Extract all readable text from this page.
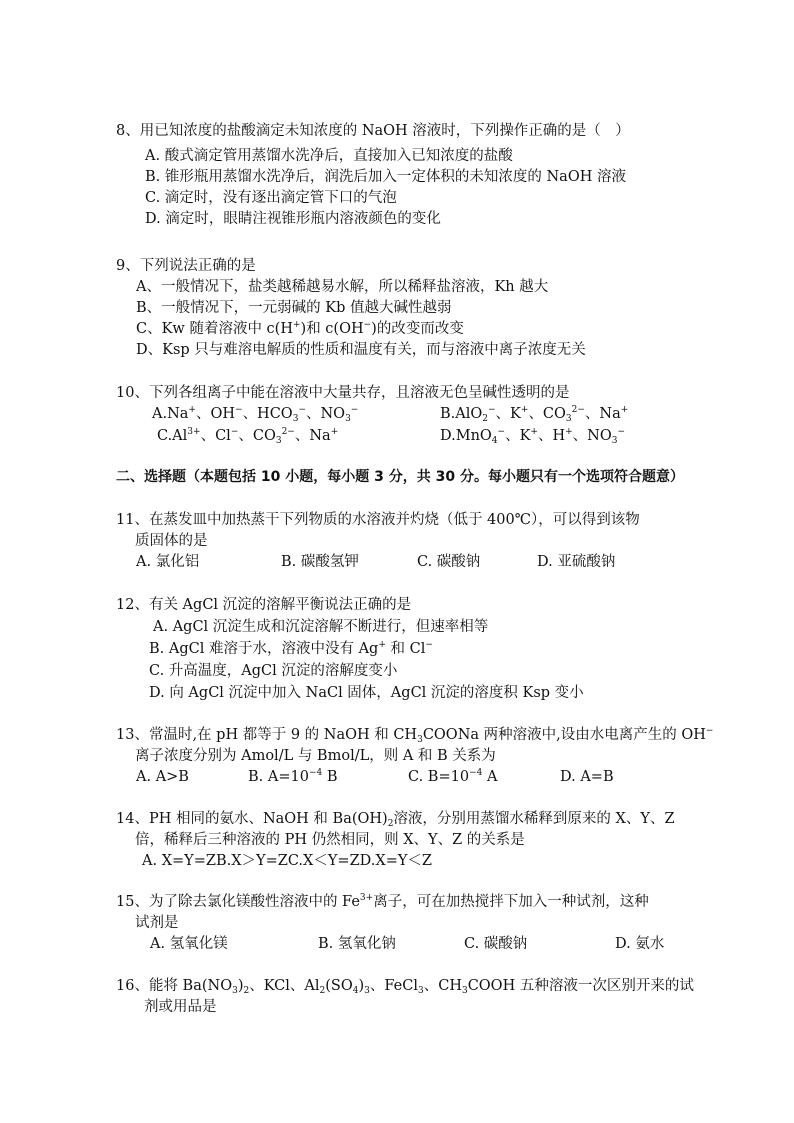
8、用已知浓度的盐酸滴定未知浓度的 NaOH 溶液时，下列操作正确的是（　）
A. 酸式滴定管用蒸馏水洗净后，直接加入已知浓度的盐酸
B. 锥形瓶用蒸馏水洗净后，润洗后加入一定体积的未知浓度的 NaOH 溶液
C. 滴定时，没有逐出滴定管下口的气泡
D. 滴定时，眼睛注视锥形瓶内溶液颜色的变化
9、下列说法正确的是
A、一般情况下，盐类越稀越易水解，所以稀释盐溶液，Kh 越大
B、一般情况下，一元弱碱的 Kb 值越大碱性越弱
C、Kw 随着溶液中 c(H+)和 c(OH−)的改变而改变
D、Ksp 只与难溶电解质的性质和温度有关，而与溶液中离子浓度无关
10、下列各组离子中能在溶液中大量共存，且溶液无色呈碱性透明的是
A.Na+、OH−、$HCO_3^-$、$NO_3^-$	B.AlO$_2$−、K+、$CO_3^{2-}$、Na+
$C.Al^{3+}$、Cl−、$CO_3^{2-}$、Na+	D.MnO$_4$−、K+、H+、$NO_3^-$
二、选择题（本题包括 10 小题，每小题 3 分，共 30 分。每小题只有一个选项符合题意）
11、在蒸发皿中加热蒸干下列物质的水溶液并灼烧（低于 400℃），可以得到该物
质固体的是
A. 氯化铝	B. 碳酸氢钾	C. 碳酸钠	D. 亚硫酸钠
12、有关 AgCl 沉淀的溶解平衡说法正确的是
A. AgCl 沉淀生成和沉淀溶解不断进行，但速率相等
B. AgCl 难溶于水，溶液中没有 Ag+ 和 Cl−
C. 升高温度，AgCl 沉淀的溶解度变小
D. 向 AgCl 沉淀中加入 NaCl 固体，AgCl 沉淀的溶度积 Ksp 变小
13、常温时,在 pH 都等于 9 的 NaOH 和 $CH_3COONa$ 两种溶液中,设由水电离产生的 OH−
离子浓度分别为 Amol/L 与 Bmol/L，则 A 和 B 关系为
A. A>B	B. $A=10^{-4}$ B	C. $B=10^{-4}$ A	D. A=B
14、PH 相同的氨水、NaOH 和 $Ba(OH)_2$溶液，分别用蒸馏水稀释到原来的 X、Y、Z
倍，稀释后三种溶液的 PH 仍然相同，则 X、Y、Z 的关系是
A. X=Y=ZB.X＞Y=ZC.X＜Y=ZD.X=Y＜Z
15、为了除去氯化镁酸性溶液中的 $Fe^{3+}$离子，可在加热搅拌下加入一种试剂，这种
试剂是
A. 氢氧化镁	B. 氢氧化钠	C. 碳酸钠	D. 氨水
16、能将 $Ba(NO_3)_2$、KCl、$Al_2(SO_4)_3$、FeCl$_3$、$CH_3COOH$ 五种溶液一次区别开来的试
剂或用品是
